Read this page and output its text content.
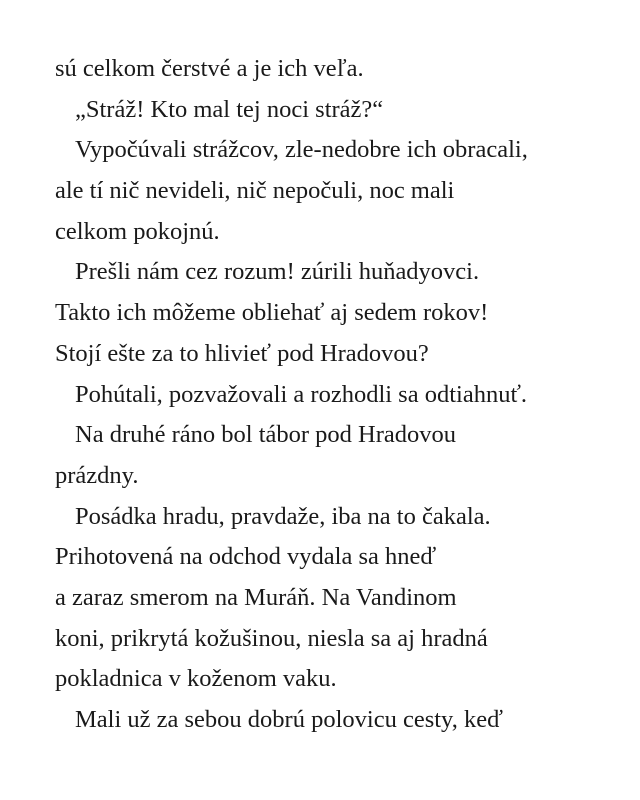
sú celkom čerstvé a je ich veľa.
„Stráž! Kto mal tej noci stráž?“
Vypočúvali strážcov, zle-nedobre ich obracali,
ale tí nič nevideli, nič nepočuli, noc mali
celkom pokojnú.
Prešli nám cez rozum! zúrili huňadyovci.
Takto ich môžeme obliehať aj sedem rokov!
Stojí ešte za to hlivieť pod Hradovou?
Pohútali, pozvažovali a rozhodli sa odtiahnuť.
Na druhé ráno bol tábor pod Hradovou
prázdny.
Posádka hradu, pravdaže, iba na to čakala.
Prihotovená na odchod vydala sa hneď
a zaraz smerom na Muráň. Na Vandinom
koni, prikrytá kožušinou, niesla sa aj hradná
pokladnica v koženom vaku.
Mali už za sebou dobrú polovicu cesty, keď
